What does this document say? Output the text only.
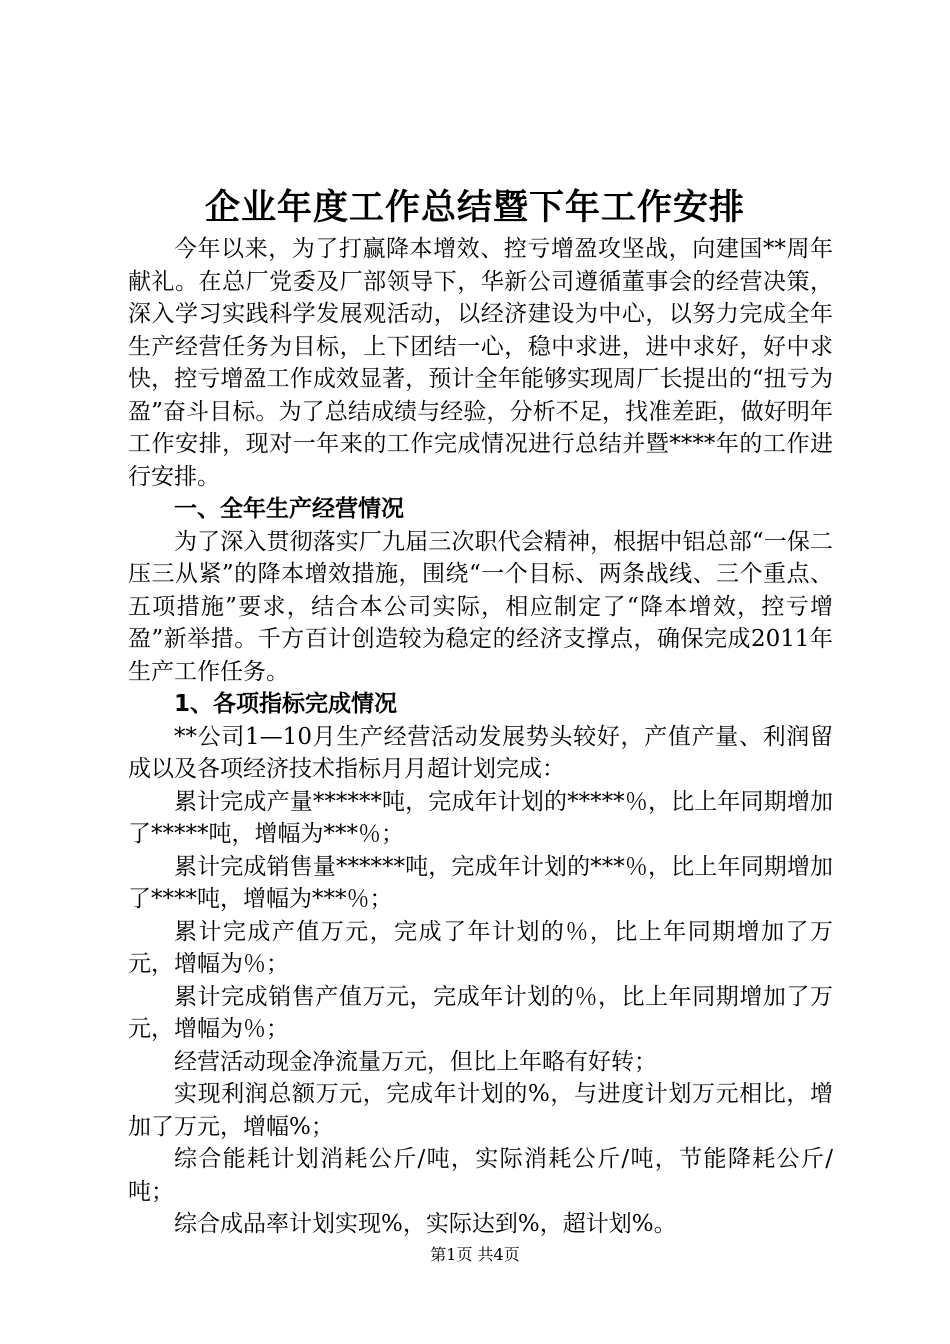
企业年度工作总结暨下年工作安排

今年以来，为了打赢降本增效、控亏增盈攻坚战，向建国**周年献礼。在总厂党委及厂部领导下，华新公司遵循董事会的经营决策，深入学习实践科学发展观活动，以经济建设为中心，以努力完成全年生产经营任务为目标，上下团结一心，稳中求进，进中求好，好中求快，控亏增盈工作成效显著，预计全年能够实现周厂长提出的“扭亏为盈”奋斗目标。为了总结成绩与经验，分析不足，找准差距，做好明年工作安排，现对一年来的工作完成情况进行总结并暨****年的工作进行安排。

一、全年生产经营情况

为了深入贯彻落实厂九届三次职代会精神，根据中铝总部“一保二压三从紧”的降本增效措施，围绕“一个目标、两条战线、三个重点、五项措施”要求，结合本公司实际，相应制定了“降本增效，控亏增盈”新举措。千方百计创造较为稳定的经济支撑点，确保完成2011年生产工作任务。

1、各项指标完成情况

**公司1—10月生产经营活动发展势头较好，产值产量、利润留成以及各项经济技术指标月月超计划完成：

累计完成产量******吨，完成年计划的*****％，比上年同期增加了*****吨，增幅为***％；

累计完成销售量******吨，完成年计划的***％，比上年同期增加了****吨，增幅为***％；

累计完成产值万元，完成了年计划的％，比上年同期增加了万元，增幅为％；

累计完成销售产值万元，完成年计划的％，比上年同期增加了万元，增幅为％；

经营活动现金净流量万元，但比上年略有好转；

实现利润总额万元，完成年计划的%，与进度计划万元相比，增加了万元，增幅%；

综合能耗计划消耗公斤/吨，实际消耗公斤/吨，节能降耗公斤/吨；

综合成品率计划实现%，实际达到%，超计划%。

第1页 共4页
